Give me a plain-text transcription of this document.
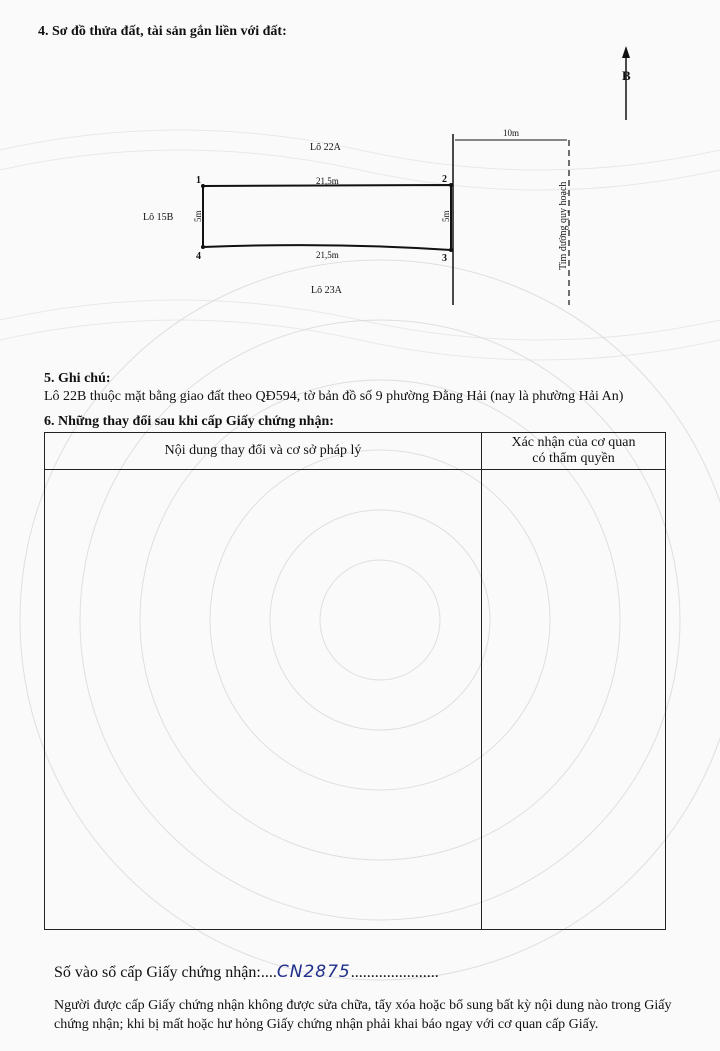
4. Sơ đồ thửa đất, tài sản gắn liền với đất:
B
1	2
3
4
Lô 22A
Lô 23A
Lô 15B
21,5m
21,5m
5m	5m
10m
Tim đường quy hoạch
5. Ghi chú:
Lô 22B thuộc mặt bằng giao đất theo QĐ594, tờ bản đồ số 9 phường Đằng Hải (nay là phường Hải An)
6. Những thay đổi sau khi cấp Giấy chứng nhận:
Nội dung thay đổi và cơ sở pháp lý	Xác nhận của cơ quan
có thẩm quyền

Số vào sổ cấp Giấy chứng nhận:....CN2875......................
Người được cấp Giấy chứng nhận không được sửa chữa, tẩy xóa hoặc bổ sung bất kỳ nội dung nào trong Giấy chứng nhận; khi bị mất hoặc hư hỏng Giấy chứng nhận phải khai báo ngay với cơ quan cấp Giấy.
